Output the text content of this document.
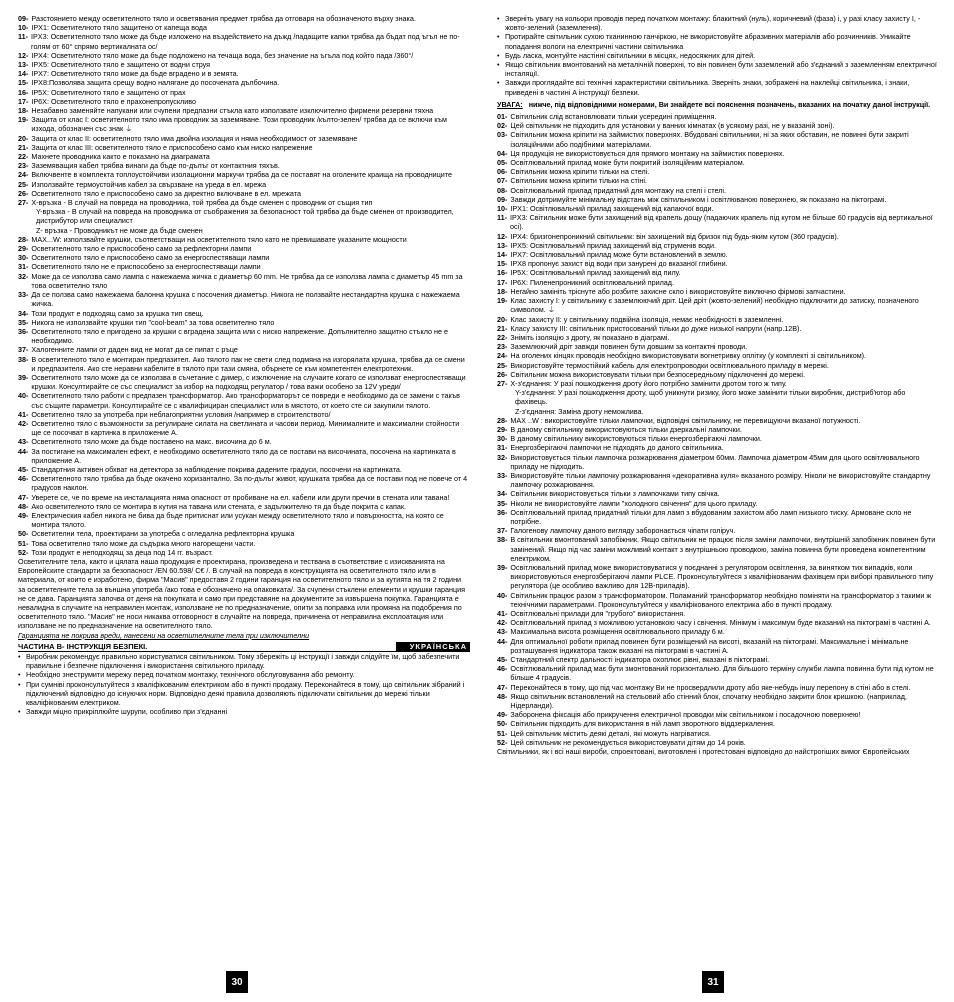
09- Разстоянието между осветителното тяло и осветявания предмет трябва да отговаря на обозначеното върху знака.
10- IPX1: Осветителното тяло защитено от капеща вода
11- IPX3: Осветителното тяло може да бъде изложено на въздействието на дъжд /падащите капки трябва да бъдат под ъгъл не по-голям от 60° спрямо вертикалната ос/
12- IPX4: Осветителното тяло може да бъде подложено на течаща вода, без значение на ъгъла под който пада /360°/
13- IPX5: Осветителното тяло е защитено от водни струя
14- IPX7: Осветителното тяло може да бъде вградено и в земята.
15- IPX8:Позволява защита срещу водно налягане до посочената дълбочина.
16- IP5X: Осветителното тяло е защитено от прах
17- IP6X: Осветителното тяло е прахонепропускливо
18- Незабавно заменяйте напукани или счупени предпазни стъкла като използвате изключително фирмени резервни тяхна
19- Защита от клас I: осветителното тяло има проводник за заземяване. Този проводник /кълто-зелен/ трябва да се включи към изхода, обозначен със знак ⏚
20- Защита от клас II: осветителното тяло има двойна изолация и няма необходимост от заземяване
21- Защита от клас III: осветителното тяло е приспособено само към ниско напрежение
22- Махнете проводника както е показано на диаграмата
23- Заземяващия кабел трябва винаги да бъде по-дълъг от контактния тяхъв.
24- Включвенте в комплекта топлоустойчиви изолационни маркучи трябва да се поставят на оголените краища на проводниците
25- Използвайте термоустойчив кабел за свързване на уреда в ел. мрежа
26- Осветителното тяло е приспособено само за директно включване в ел. мрежата
27- X-връзка - В случай на повреда на проводника, той трябва да бъде сменен с проводник от същия тип
Y-връзка - В случай на повреда на проводника от съображения за безопасност той трябва да бъде сменен от производител, дистрибутор или специалист
Z- връзка - Проводникът не може да бъде сменен
28- MAX...W: използвайте крушки, съответстващи на осветителното тяло като не превишавате указаните мощности
29- Осветителното тяло е приспособено само за рефлекторни лампи
30- Осветителното тяло е приспособено само за енергоспестяващи лампи
31- Осветителното тяло не е приспособено за енергоспестяващи лампи
32- Може да се използва само лампа с нажежаема жичка с диаметър 60 mm. Не трябва да се използва лампа с диаметър 45 mm за това осветително тяло
33- Да се ползва само нажежаема балонна крушка с посочения диаметър. Никога не ползвайте нестандартна крушка с нажежаема жичка.
34- Този продукт е подходящ само за крушка тип свещ.
35- Никога не използвайте крушки тип "cool-beam" за това осветително тяло
36- Осветителното тяло е пригодено за крушки с вградена защита или с ниско напрежение. Допълнително защитно стъкло не е необходимо.
37- Халогенните лампи от даден вид не могат да се пипат с ръце
38- В осветителното тяло е монтиран предпазител. Ако тялото пак не свети след подмяна на изгорялата крушка, трябва да се смени и предпазителя. Ако сте неравни кабелите в тялото при тази смяна, обърнете се към компетентен електротехник.
39- Осветителното тяло може да се използва в съчетание с димер, с изключение на случаите когато се използват енергоспестяващи крушки. Консултирайте се със специалист за избор на подходящ регулатор / това важи особено за 12V уреди/
40- Осветителното тяло работи с предпазен трансформатор. Ако трансформаторът се повреди е необходимо да се замени с такъв със същите параметри. Консултирайте се с квалифициран специалист или в мястото, от което сте си закупили тялото.
41- Осветително тяло за употреба при неблагоприятни условия /например в строителството/
42- Осветително тяло с възможности за регулиране силата на светлината и часови период. Минималните и максимални стойности ще се посочват в картинка в приложение A.
43- Осветителното тяло може да бъде поставено на макс. височина до 6 м.
44- За постигане на максимален ефект, е необходимо осветителното тяло да се постави на височината, посочена на картинката в приложение A.
45- Стандартния активен обхват на детектора за наблюдение покрива дадените градуси, посочени на картинката.
46- Осветителното тяло трябва да бъде окачено хоризантално. За по-дълъг живот, крушката трябва да се постави под не повече от 4 градусов наклон.
47- Уверете се, че по време на инсталацията няма опасност от пробиване на ел. кабели или други пречки в стената или тавана!
48- Ако осветителното тяло се монтира в кутия на тавана или стената, е задължително тя да бъде покрита с капак.
49- Електрическия кабел никога не бива да бъде притиснат или усукан между осветителното тяло и повърхността, на която се монтира тялото.
50- Осветителни тела, проектирани за употреба с огледална рефлекторна крушка
51- Това осветително тяло може да съдържа много нагорещени части.
52- Този продукт е неподходящ за деца под 14 гг. възраст.

Осветителните тела, както и цялата наша продукция е проектирана, произведена и тествана в съответствие с изискванията на Европейските стандарти за безопасност /EN 60.598/ C€ /. В случай на повреда в конструкцията на осветителното тяло или в материала, от които е изработено, фирма "Масив" предоставя 2 години гаранция на осветителното тяло и за кутията на тя 2 години за осветителните тела за външна употреба /ако това е обозначено на опаковката/. За счупени стъклени елементи и крушки гаранция не се дава. Гаранцията започва от деня на покупката и само при представяне на документите за извършена покупка. Гаранцията е невалидна в случаите на неправилен монтаж, използване не по предназначение, опити за поправка или промяна на подобрения по осветителното тяло. "Масив" не носи никаква отговорност в случайте на повреда, причинена от неправилна експлоатация или използване не по предназначение на осветителното тяло.

Гаранцията не покрива вреди, нанесени на осветителните тела при изключителни

ЧАСТИНА B- ІНСТРУКЦІЯ БЕЗПЕКІ.	УКРАЇНСЬКА
• Виробник рекомендує правильно користуватися світильником. Тому збережіть ці інструкції і завжди слідуйте їм, щоб забезпечити правильне і безпечне підключення і використання світильного приладу.
• Необхідно знеструмити мережу перед початком монтажу, технічного обслуговування або ремонту.
• При сумніві проконсультуйтеся з кваліфікованим електриком або в пункті продажу. Переконайтеся в тому, що світильник зібраний і підключений відповідно до існуючих норм. Відповідно деякі правила дозволяють підключати світильник до мережі тільки кваліфікованим електриком.
• Завжди міцно прикріплюйте шурупи, особливо при з'єднанні
• Зверніть увагу на кольори проводів перед початком монтажу: блакитний (нуль), коричневий (фаза) і, у разі класу захисту I, - жовто-зелений (заземлення).
• Протирайте світильник сухою тканинною ганчіркою, не використовуйте абразивних матеріалів або розчинників. Уникайте попадання вологи на електричні частини світильника
• Будь ласка, монтуйте настінні світильники в місцях, недосяжних для дітей.
• Якщо світильник вмонтований на металічній поверхні, то він повинен бути заземлений або з'єднаний з заземленням електричної інсталяції.
• Завжди проглядайте всі технічні характеристики світильника. Зверніть знаки, зображені на наклейці світильника, і знаки, приведені в частині A інструкції безпеки.
УВАГА: нижче, під відповідними номерами, Ви знайдете всі пояснення позначень, вказаних на початку даної інструкції.
01- Світильник слід встановлювати тільки усередині приміщення.
02- Цей світильник не підходить для установки у ванних кімнатах (в усякому разі, не у вказаній зоні).
03- Світильник можна кріпити на займистих поверхнях. Вбудовані світильники, ні за яких обставин, не повинні бути закриті ізоляційними або подібними матеріалами.
04- Ця продукція не використовується для прямого монтажу на займистих поверхнях.
05- Освітлювальний прилад може бути покритий ізоляційним матеріалом.
06- Світильник можна кріпити тільки на стелі.
07- Світильник можна кріпити тільки на стіні.
08- Освітлювальний прилад придатний для монтажу на стелі і стелі.
09- Завжди дотримуйте мінімальну відстань між світильником і освітлюваною поверхнею, як показано на піктограмі.
10- IPX1: Освітлювальний прилад захищений від капаючої води.
11- IPX3: Світильник може бути захищений від крапель дощу (падаючих крапель під кутом не більше 60 градусів від вертикальної осі).
12- IPX4: бризгонепроникний світильник: він захищений від бризок під будь-яким кутом (360 градусів).
13- IPX5: Освітлювальний прилад захищений від струменів води.
14- IPX7: Освітлювальний прилад може бути встановлений в землю.
15- IPX8 пропонує захист від води при занурені до вказаної глибини.
16- IP5X: Освітлювальний прилад захищений від пилу.
17- IP6X: Пиленепроникний освітлювальний прилад.
18- Негайно замініть тріснуте або розбите захисне скло і використовуйте виключно фірмові запчастини.
19- Клас захисту I: у світильнику є заземлюючий дріт. Цей дріт (жовто-зелений) необхідно підключити до затиску, позначеного символом. ⏚
20- Клас захисту II: у світильнику подвійна ізоляція, немає необхідності в заземленні.
21- Класу захисту III: світильник пристосований тільки до дуже низької напруги (напр.12В).
22- Зніміть ізоляцію з дроту, як показано в діаграмі.
23- Заземлюючий дріт завжди повинен бути довшим за контактні проводи.
24- На оголених кінцях проводів необхідно використовувати вогнетривку оплітку (у комплекті зі світильником).
25- Використовуйте термостійкий кабель для електропроводки освітлювального приладу в мережі.
26- Світильник можна використовувати тільки при безпосередньому підключенні до мережі.
27- X-з'єднання: У разі пошкодження дроту його потрібно замінити дротом того ж типу.
Y-з'єднання: У разі пошкодження дроту, щоб уникнути ризику, його може замінити тільки виробник, дистриб'ютор або фахівець.
Z-з'єднання: Заміна дроту неможлива.
28- MAX ..W : використовуйте тільки лампочки, відповідні світильнику, не перевищуючи вказаної потужності.
29- В даному світильнику використовуються тільки дзеркальні лампочки.
30- В даному світильнику використовуються тільки енергозберігаючі лампочки.
31- Енергозберігаючі лампочки не підходять до даного світильника.
32- Використовується тільки лампочка розжарювання діаметром 60мм. Лампочка діаметром 45мм для цього освітлювального приладу не підходить.
33- Використовуйте тільки лампочку розжарювання «декоративна куля» вказаного розміру. Ніколи не використовуйте стандартну лампочку розжарювання.
34- Світильник використовується тільки з лампочками типу свічка.
35- Ніколи не використовуйте лампи "холодного свічення" для цього приладу.
36- Освітлювальний прилад придатний тільки для ламп з вбудованим захистом або ламп низького тиску. Армоване скло не потрібне.
37- Галогенову лампочку даного вигляду заборонається чіпати голіруч.
38- В світильник вмонтований запобіжник. Якщо світильник не працює після заміни лампочки, внутрішній запобіжник повинен бути замінений. Якщо під час заміни можливий контакт з внутрішньою проводкою, заміна повинна бути проведена компетентним електриком.
39- Освітлювальний прилад може використовуватися у поєднанні з регулятором освітлення, за винятком тих випадків, коли використовуються енергозберігаючі лампи PLCE. Проконсультуйтеся з кваліфікованим фахівцем при виборі правильного типу регулятора (це особливо важливо для 12В-приладів).
40- Світильник працює разом з трансформатором. Поламаний трансформатор необхідно поміняти на трансформатор з такими ж технічними параметрами. Проконсультуйтеся у кваліфікованого електрика або в пункті продажу.
41- Освітлювальні прилади для "грубого" використання.
42- Освітлювальний прилад з можливою установкою часу і свічення. Мінімум і максимум буде вказаний на піктограмі в частині A.
43- Максимальна висота розміщення освітлювального приладу 6 м.
44- Для оптимальної роботи прилад повинен бути розміщений на висоті, вказаній на піктограмі. Максимальне і мінімальне розташування індикатора також вказані на піктограмі в частині A.
45- Стандартний спектр дальності індикатора охоплює рівні, вказані в піктограмі.
46- Освітлювальний прилад має бути змонтований горизонтально. Для більшого терміну служби лампа повинна бути під кутом не більше 4 градусів.
47- Переконайтеся в тому, що під час монтажу Ви не просвердлили дроту або яке-небудь іншу перепону в стіні або в стелі.
48- Якщо світильник встановлений на стельовий або стінний блок, спочатку необхідно закрити блок кришкою. (наприклад, Нідерланди).
49- Заборонена фіксація або прикручення електричної проводки між світильником і посадочною поверхнею!
50- Світильник підходить для використання в ній ламп зворотного віддзеркалення.
51- Цей світильник містить деякі деталі, які можуть нагріватися.
52- Цей світильник не рекомендується використовувати дітям до 14 років.

Світильники, як і всі наші вироби, спроектовані, виготовлені і протестовані відповідно до найстрогіших вимог Європейських

30	31
